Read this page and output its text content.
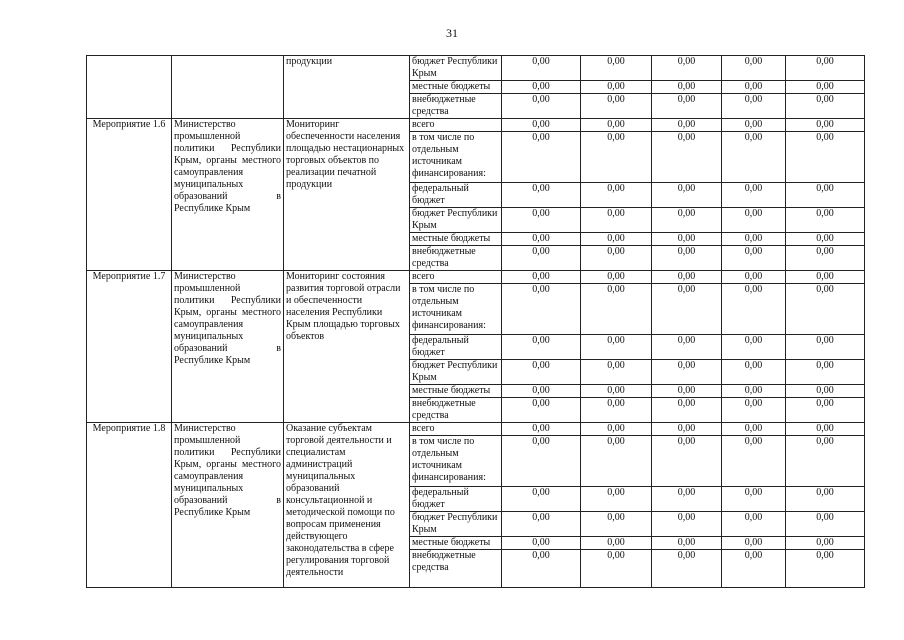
31
		продукции	бюджет Республики Крым	0,00	0,00	0,00	0,00	0,00
			местные бюджеты	0,00	0,00	0,00	0,00	0,00
			внебюджетные средства	0,00	0,00	0,00	0,00	0,00
Мероприятие 1.6	Министерство промышленной политики Республики Крым, органы местного самоуправления муниципальных образований в Республике Крым	Мониторинг обеспеченности населения площадью нестационарных торговых объектов по реализации печатной продукции	всего	0,00	0,00	0,00	0,00	0,00
			в том числе по отдельным источникам финансирования:	0,00	0,00	0,00	0,00	0,00
			федеральный бюджет	0,00	0,00	0,00	0,00	0,00
			бюджет Республики Крым	0,00	0,00	0,00	0,00	0,00
			местные бюджеты	0,00	0,00	0,00	0,00	0,00
			внебюджетные средства	0,00	0,00	0,00	0,00	0,00
Мероприятие 1.7	Министерство промышленной политики Республики Крым, органы местного самоуправления муниципальных образований в Республике Крым	Мониторинг состояния развития торговой отрасли и обеспеченности населения Республики Крым площадью торговых объектов	всего	0,00	0,00	0,00	0,00	0,00
			в том числе по отдельным источникам финансирования:	0,00	0,00	0,00	0,00	0,00
			федеральный бюджет	0,00	0,00	0,00	0,00	0,00
			бюджет Республики Крым	0,00	0,00	0,00	0,00	0,00
			местные бюджеты	0,00	0,00	0,00	0,00	0,00
			внебюджетные средства	0,00	0,00	0,00	0,00	0,00
Мероприятие 1.8	Министерство промышленной политики Республики Крым, органы местного самоуправления муниципальных образований в Республике Крым	Оказание субъектам торговой деятельности и специалистам администраций муниципальных образований консультационной и методической помощи по вопросам применения действующего законодательства в сфере регулирования торговой деятельности	всего	0,00	0,00	0,00	0,00	0,00
			в том числе по отдельным источникам финансирования:	0,00	0,00	0,00	0,00	0,00
			федеральный бюджет	0,00	0,00	0,00	0,00	0,00
			бюджет Республики Крым	0,00	0,00	0,00	0,00	0,00
			местные бюджеты	0,00	0,00	0,00	0,00	0,00
			внебюджетные средства	0,00	0,00	0,00	0,00	0,00
